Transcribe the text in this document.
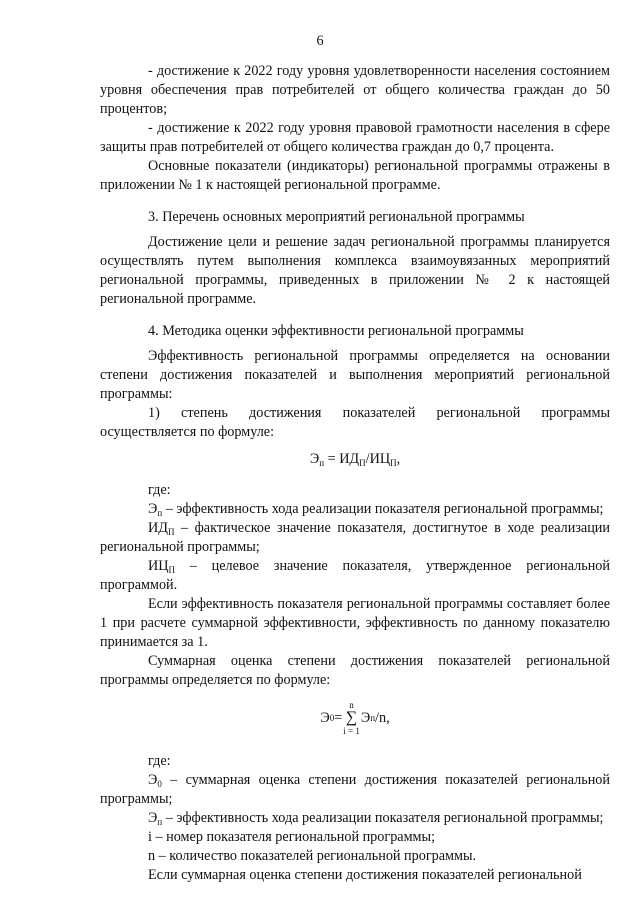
6

- достижение к 2022 году уровня удовлетворенности населения состоянием уровня обеспечения прав потребителей от общего количества граждан до 50 процентов;

- достижение к 2022 году уровня правовой грамотности населения в сфере защиты прав потребителей от общего количества граждан до 0,7 процента.

Основные показатели (индикаторы) региональной программы отражены в приложении № 1 к настоящей региональной программе.

3. Перечень основных мероприятий региональной программы

Достижение цели и решение задач региональной программы планируется осуществлять путем выполнения комплекса взаимоувязанных мероприятий региональной программы, приведенных в приложении № 2 к настоящей региональной программе.

4. Методика оценки эффективности региональной программы

Эффективность региональной программы определяется на основании степени достижения показателей и выполнения мероприятий региональной программы:

1) степень достижения показателей региональной программы осуществляется по формуле:

$Э_п = ИД_П/ИЦ_П$,

где:

$Э_п$ – эффективность хода реализации показателя региональной программы;

$ИД_П$ – фактическое значение показателя, достигнутое в ходе реализации региональной программы;

$ИЦ_П$ – целевое значение показателя, утвержденное региональной программой.

Если эффективность показателя региональной программы составляет более 1 при расчете суммарной эффективности, эффективность по данному показателю принимается за 1.

Суммарная оценка степени достижения показателей региональной программы определяется по формуле:

Э 0 =
n
∑
i = 1
Э п /n,

где:

$Э_0$ – суммарная оценка степени достижения показателей региональной программы;

$Э_п$ – эффективность хода реализации показателя региональной программы;

i – номер показателя региональной программы;

n – количество показателей региональной программы.

Если суммарная оценка степени достижения показателей региональной
